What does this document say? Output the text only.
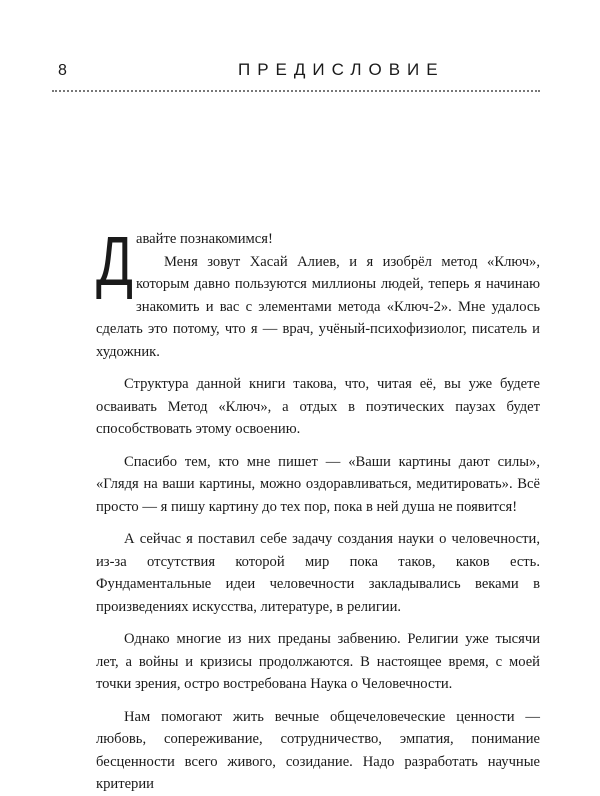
8	ПРЕДИСЛОВИЕ
Д авайте познакомимся!

Меня зовут Хасай Алиев, и я изобрёл метод «Ключ», которым давно пользуются миллионы людей, теперь я начинаю знакомить и вас с элементами метода «Ключ-2». Мне удалось сделать это потому, что я — врач, учёный-психофизиолог, писатель и художник.

Структура данной книги такова, что, читая её, вы уже будете осваивать Метод «Ключ», а отдых в поэтических паузах будет способствовать этому освоению.

Спасибо тем, кто мне пишет — «Ваши картины дают силы», «Глядя на ваши картины, можно оздоравливаться, медитировать». Всё просто — я пишу картину до тех пор, пока в ней душа не появится!

А сейчас я поставил себе задачу создания науки о человечности, из-за отсутствия которой мир пока таков, каков есть. Фундаментальные идеи человечности закладывались веками в произведениях искусства, литературе, в религии.

Однако многие из них преданы забвению. Религии уже тысячи лет, а войны и кризисы продолжаются. В настоящее время, с моей точки зрения, остро востребована Наука о Человечности.

Нам помогают жить вечные общечеловеческие ценности — любовь, сопереживание, сотрудничество, эмпатия, понимание бесценности всего живого, созидание. Надо разработать научные критерии
